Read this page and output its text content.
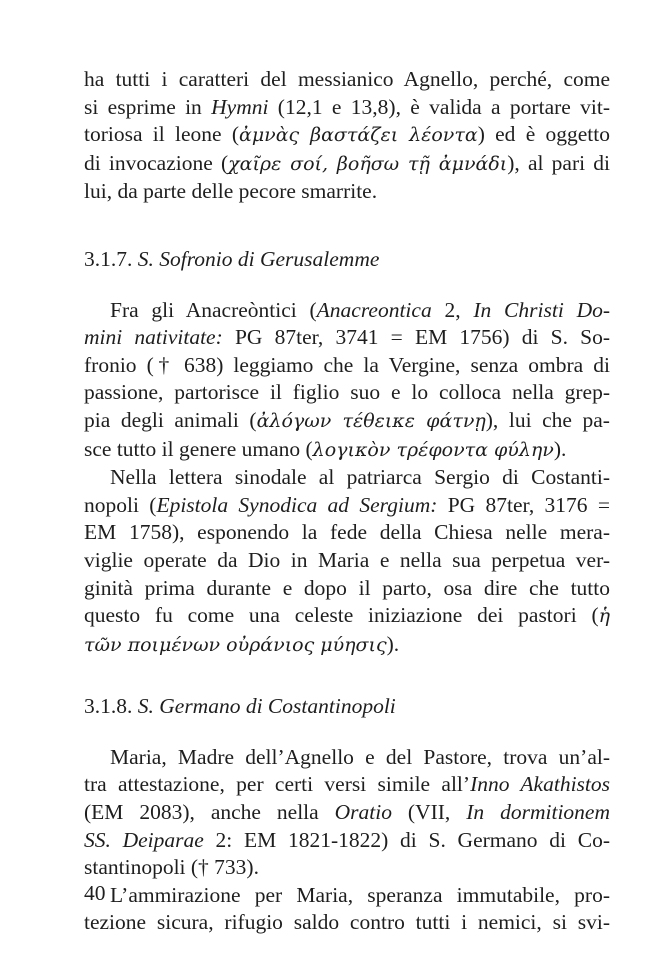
ha tutti i caratteri del messianico Agnello, perché, come
si esprime in Hymni (12,1 e 13,8), è valida a portare vit-
toriosa il leone (ἀμνὰς βαστάζει λέοντα) ed è oggetto
di invocazione (χαῖρε σοί, βοῆσω τῇ ἀμνάδι), al pari di
lui, da parte delle pecore smarrite.
3.1.7. S. Sofronio di Gerusalemme
Fra gli Anacreòntici (Anacreontica 2, In Christi Do-
mini nativitate: PG 87ter, 3741 = EM 1756) di S. So-
fronio († 638) leggiamo che la Vergine, senza ombra di
passione, partorisce il figlio suo e lo colloca nella grep-
pia degli animali (ἀλόγων τέθεικε φάτνῃ), lui che pa-
sce tutto il genere umano (λογικὸν τρέφοντα φύλην).
Nella lettera sinodale al patriarca Sergio di Costanti-
nopoli (Epistola Synodica ad Sergium: PG 87ter, 3176 =
EM 1758), esponendo la fede della Chiesa nelle mera-
viglie operate da Dio in Maria e nella sua perpetua ver-
ginità prima durante e dopo il parto, osa dire che tutto
questo fu come una celeste iniziazione dei pastori (ἡ
τῶν ποιμένων οὐράνιος μύησις).
3.1.8. S. Germano di Costantinopoli
Maria, Madre dell’Agnello e del Pastore, trova un’al-
tra attestazione, per certi versi simile all’Inno Akathistos
(EM 2083), anche nella Oratio (VII, In dormitionem
SS. Deiparae 2: EM 1821-1822) di S. Germano di Co-
stantinopoli († 733).
L’ammirazione per Maria, speranza immutabile, pro-
tezione sicura, rifugio saldo contro tutti i nemici, si svi-
40
